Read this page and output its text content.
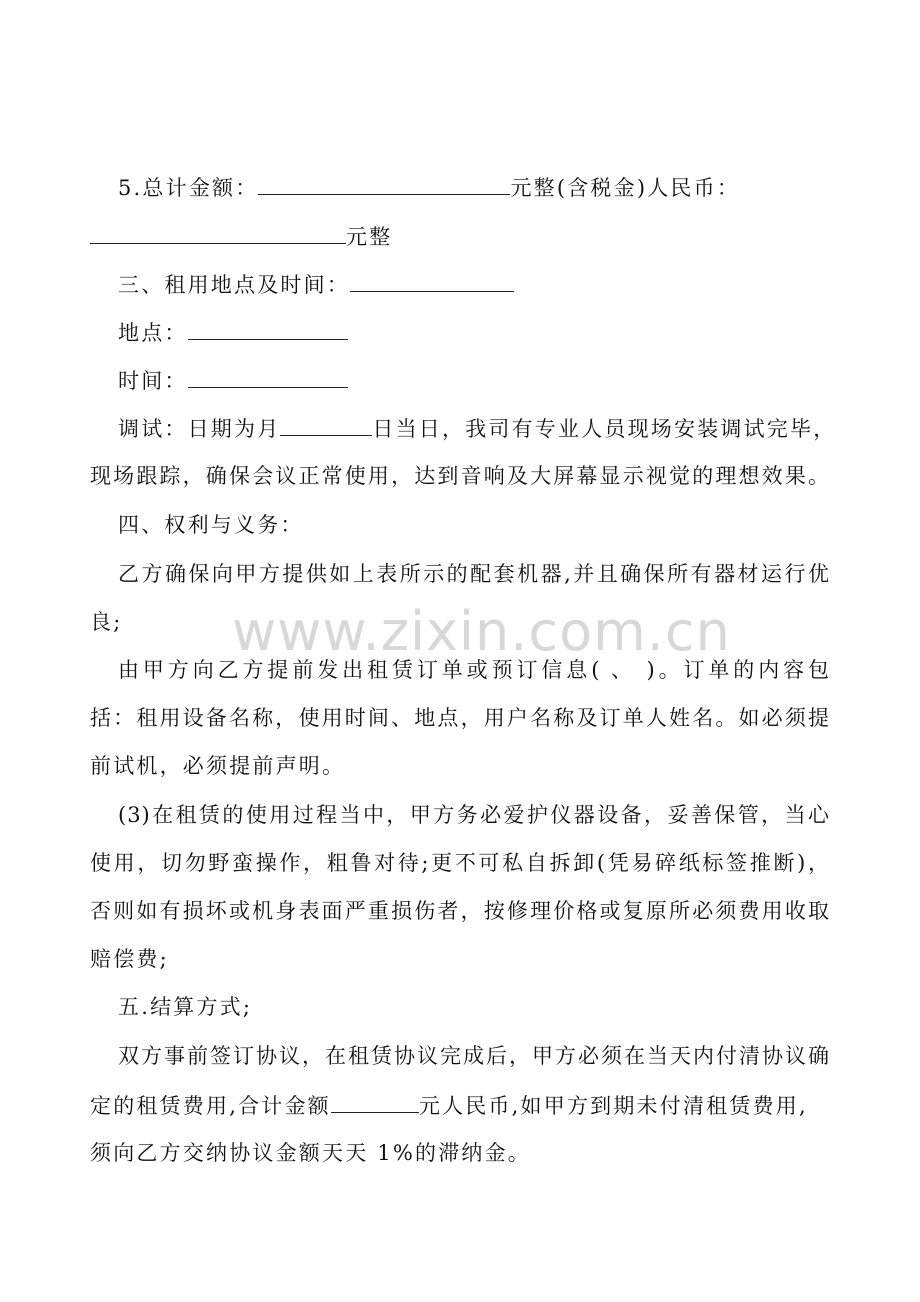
www.zixin.com.cn
5.总计金额：	元整(含税金)人民币：
元整
三、租用地点及时间：
地点：
时间：
调试：日期为月	日当日，我司有专业人员现场安装调试完毕，
现场跟踪，确保会议正常使用，达到音响及大屏幕显示视觉的理想效果。
四、权利与义务：
乙方确保向甲方提供如上表所示的配套机器,并且确保所有器材运行优
良;
由甲方向乙方提前发出租赁订单或预订信息( 、 )。订单的内容包
括：租用设备名称，使用时间、地点，用户名称及订单人姓名。如必须提
前试机，必须提前声明。
(3)在租赁的使用过程当中，甲方务必爱护仪器设备，妥善保管，当心
使用，切勿野蛮操作，粗鲁对待;更不可私自拆卸(凭易碎纸标签推断)，
否则如有损坏或机身表面严重损伤者，按修理价格或复原所必须费用收取
赔偿费;
五.结算方式;
双方事前签订协议，在租赁协议完成后，甲方必须在当天内付清协议确
定的租赁费用,合计金额	元人民币,如甲方到期未付清租赁费用,
须向乙方交纳协议金额天天 1%的滞纳金。
